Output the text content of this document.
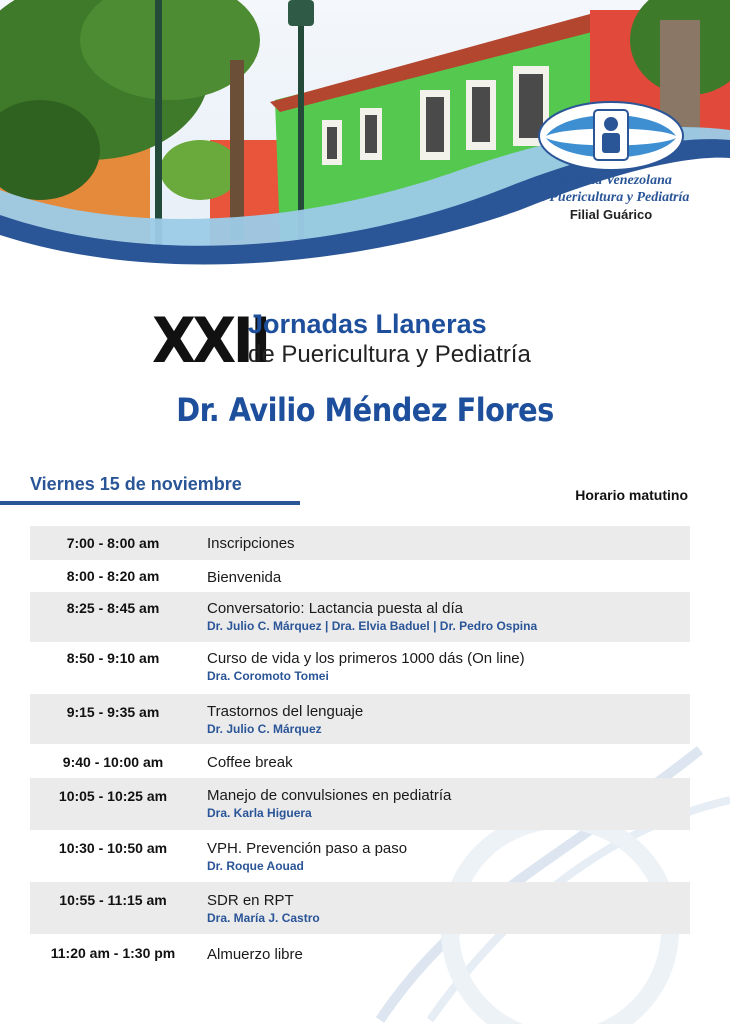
Sociedad Venezolana
de Puericultura y Pediatría
Filial Guárico
XXII
Jornadas Llaneras
de Puericultura y Pediatría
Dr. Avilio Méndez Flores
Viernes 15 de noviembre
Horario matutino
7:00 - 8:00 am	Inscripciones
8:00 - 8:20 am	Bienvenida
8:25 - 8:45 am	Conversatorio: Lactancia puesta al día
Dr. Julio C. Márquez | Dra. Elvia Baduel | Dr. Pedro Ospina
8:50 - 9:10 am	Curso de vida y los primeros 1000 dás (On line)
Dra. Coromoto Tomei
9:15 - 9:35 am	Trastornos del lenguaje
Dr. Julio C. Márquez
9:40 - 10:00 am	Coffee break
10:05 - 10:25 am	Manejo de convulsiones en pediatría
Dra. Karla Higuera
10:30 - 10:50 am	VPH. Prevención paso a paso
Dr. Roque Aouad
10:55 - 11:15 am	SDR en RPT
Dra. María J. Castro
11:20 am - 1:30 pm	Almuerzo libre
